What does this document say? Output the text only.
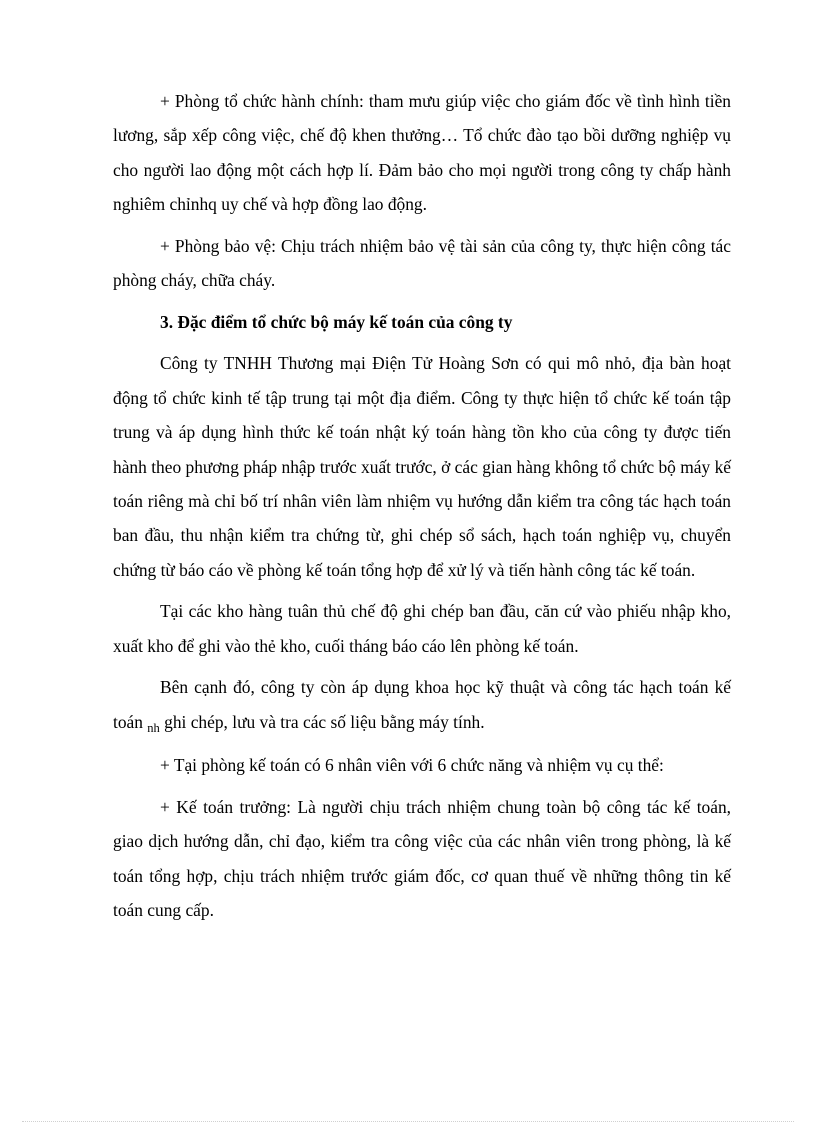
+ Phòng tổ chức hành chính: tham mưu giúp việc cho giám đốc về tình hình tiền lương, sắp xếp công việc, chế độ khen thưởng… Tổ chức đào tạo bồi dưỡng nghiệp vụ cho người lao động một cách hợp lí. Đảm bảo cho mọi người trong công ty chấp hành nghiêm chỉnhq uy chế và hợp đồng lao động.

+ Phòng bảo vệ: Chịu trách nhiệm bảo vệ tài sản của công ty, thực hiện công tác phòng cháy, chữa cháy.

3. Đặc điểm tổ chức bộ máy kế toán của công ty

Công ty TNHH Thương mại Điện Tử Hoàng Sơn có qui mô nhỏ, địa bàn hoạt động tổ chức kinh tế tập trung tại một địa điểm. Công ty thực hiện tổ chức kế toán tập trung và áp dụng hình thức kế toán nhật ký toán hàng tồn kho của công ty được tiến hành theo phương pháp nhập trước xuất trước, ở các gian hàng không tổ chức bộ máy kế toán riêng mà chỉ bố trí nhân viên làm nhiệm vụ hướng dẫn kiểm tra công tác hạch toán ban đầu, thu nhận kiểm tra chứng từ, ghi chép sổ sách, hạch toán nghiệp vụ, chuyển chứng từ báo cáo về phòng kế toán tổng hợp để xử lý và tiến hành công tác kế toán.

Tại các kho hàng tuân thủ chế độ ghi chép ban đầu, căn cứ vào phiếu nhập kho, xuất kho để ghi vào thẻ kho, cuối tháng báo cáo lên phòng kế toán.

Bên cạnh đó, công ty còn áp dụng khoa học kỹ thuật và công tác hạch toán kế toán $_{nh}$ ghi chép, lưu và tra các số liệu bằng máy tính.

+ Tại phòng kế toán có 6 nhân viên với 6 chức năng và nhiệm vụ cụ thể:

+ Kế toán trưởng: Là người chịu trách nhiệm chung toàn bộ công tác kế toán, giao dịch hướng dẫn, chỉ đạo, kiểm tra công việc của các nhân viên trong phòng, là kế toán tổng hợp, chịu trách nhiệm trước giám đốc, cơ quan thuế về những thông tin kế toán cung cấp.
